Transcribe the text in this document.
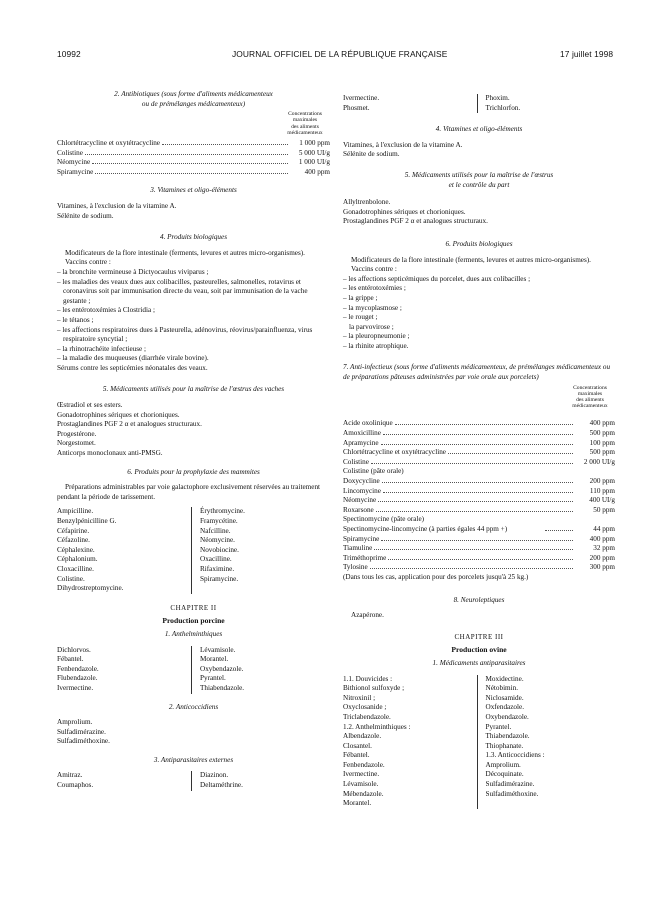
10992	JOURNAL OFFICIEL DE LA RÉPUBLIQUE FRANÇAISE	17 juillet 1998
2. Antibiotiques (sous forme d'aliments médicamenteux
ou de prémélanges médicamenteux)
Concentrations
maximales
des aliments
médicamenteux
Chlortétracycline et oxytétracycline	1 000 ppm
Colistine	5 000 UI/g
Néomycine	1 000 UI/g
Spiramycine	400 ppm
3. Vitamines et oligo-éléments
Vitamines, à l'exclusion de la vitamine A.
Sélénite de sodium.
4. Produits biologiques
Modificateurs de la flore intestinale (ferments, levures et autres micro-organismes).
Vaccins contre :
– la bronchite vermineuse à Dictyocaulus viviparus ;
– les maladies des veaux dues aux colibacilles, pasteurelles, salmonelles, rotavirus et coronavirus soit par immunisation directe du veau, soit par immunisation de la vache gestante ;
– les entérotoxémies à Clostridia ;
– le tétanos ;
– les affections respiratoires dues à Pasteurella, adénovirus, réovirus/parainfluenza, virus respiratoire syncytial ;
– la rhinotrachéite infectieuse ;
– la maladie des muqueuses (diarrhée virale bovine).
Sérums contre les septicémies néonatales des veaux.
5. Médicaments utilisés pour la maîtrise de l'œstrus des vaches
Œstradiol et ses esters.
Gonadotrophines sériques et chorioniques.
Prostaglandines PGF 2 α et analogues structuraux.
Progestérone.
Norgestomet.
Anticorps monoclonaux anti-PMSG.
6. Produits pour la prophylaxie des mammites
Préparations administrables par voie galactophore exclusivement réservées au traitement pendant la période de tarissement.
Ampicilline.
Benzylpénicilline G.
Céfapirine.
Céfazoline.
Céphalexine.
Céphalonium.
Cloxacilline.
Colistine.
Dihydrostreptomycine.
Érythromycine.
Framycétine.
Nafcilline.
Néomycine.
Novobiocine.
Oxacilline.
Rifaximine.
Spiramycine.
CHAPITRE II
Production porcine
1. Anthelminthiques
Dichlorvos.
Fébantel.
Fenbendazole.
Flubendazole.
Ivermectine.
Lévamisole.
Morantel.
Oxybendazole.
Pyrantel.
Thiabendazole.
2. Anticoccidiens
Amprolium.
Sulfadimérazine.
Sulfadiméthoxine.
3. Antiparasitaires externes
Amitraz.
Coumaphos.
Diazinon.
Deltaméthrine.
Ivermectine.
Phosmet.
Phoxim.
Trichlorfon.
4. Vitamines et oligo-éléments
Vitamines, à l'exclusion de la vitamine A.
Sélénite de sodium.
5. Médicaments utilisés pour la maîtrise de l'œstrus
et le contrôle du part
Allyltrenbolone.
Gonadotrophines sériques et chorioniques.
Prostaglandines PGF 2 α et analogues structuraux.
6. Produits biologiques
Modificateurs de la flore intestinale (ferments, levures et autres micro-organismes).
Vaccins contre :
– les affections septicémiques du porcelet, dues aux colibacilles ;
– les entérotoxémies ;
– la grippe ;
– la mycoplasmose ;
– le rouget ;
la parvovirose ;
– la pleuropneumonie ;
– la rhinite atrophique.
7. Anti-infectieux (sous forme d'aliments médicamenteux, de prémélanges médicamenteux ou de préparations pâteuses administrées par voie orale aux porcelets)
Concentrations
maximales
des aliments
médicamenteux
Acide oxolinique	400 ppm
Amoxicilline	500 ppm
Apramycine	100 ppm
Chlortétracycline et oxytétracycline	500 ppm
Colistine	2 000 UI/g
Colistine (pâte orale)
Doxycycline	200 ppm
Lincomycine	110 ppm
Néomycine	400 UI/g
Roxarsone	50 ppm
Spectinomycine (pâte orale)
Spectinomycine-lincomycine (à parties égales 44 ppm +)	44 ppm
Spiramycine	400 ppm
Tiamuline	32 ppm
Triméthoprime	200 ppm
Tylosine	300 ppm
(Dans tous les cas, application pour des porcelets jusqu'à 25 kg.)
8. Neuroleptiques
Azapérone.
CHAPITRE III
Production ovine
1. Médicaments antiparasitaires
1.1. Douvicides :
Bithionol sulfoxyde ;
Nitroxinil ;
Oxyclosanide ;
Triclabendazole.
1.2. Anthelminthiques :
Albendazole.
Closantel.
Fébantel.
Fenbendazole.
Ivermectine.
Lévamisole.
Mébendazole.
Morantel.
Moxidectine.
Nétobimin.
Niclosamide.
Oxfendazole.
Oxybendazole.
Pyrantel.
Thiabendazole.
Thiophanate.
1.3. Anticoccidiens :
Amprolium.
Décoquinate.
Sulfadimérazine.
Sulfadiméthoxine.
